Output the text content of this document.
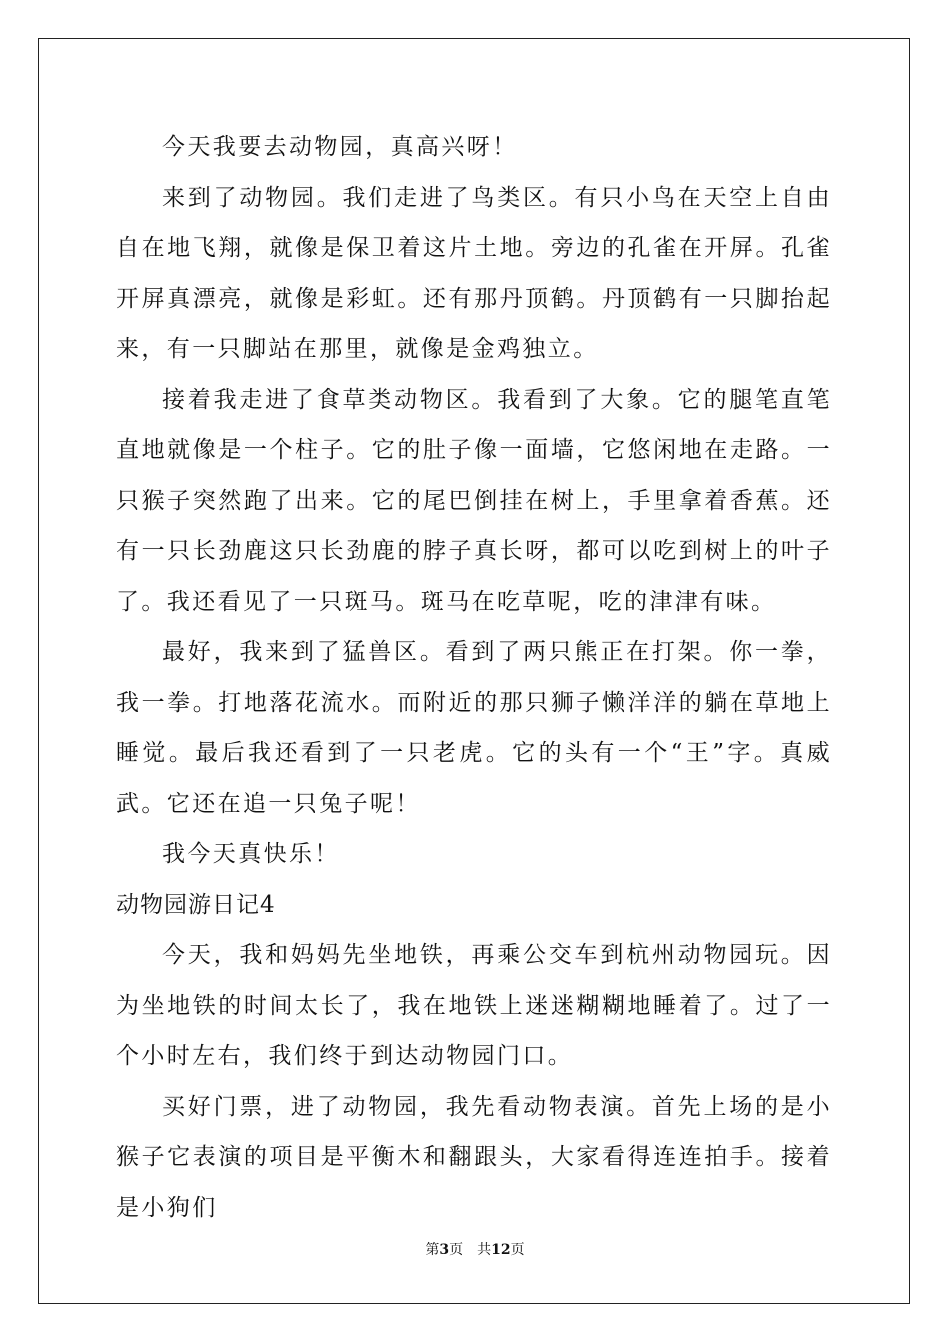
今天我要去动物园，真高兴呀！

来到了动物园。我们走进了鸟类区。有只小鸟在天空上自由自在地飞翔，就像是保卫着这片土地。旁边的孔雀在开屏。孔雀开屏真漂亮，就像是彩虹。还有那丹顶鹤。丹顶鹤有一只脚抬起来，有一只脚站在那里，就像是金鸡独立。

接着我走进了食草类动物区。我看到了大象。它的腿笔直笔直地就像是一个柱子。它的肚子像一面墙，它悠闲地在走路。一只猴子突然跑了出来。它的尾巴倒挂在树上，手里拿着香蕉。还有一只长劲鹿这只长劲鹿的脖子真长呀，都可以吃到树上的叶子了。我还看见了一只斑马。斑马在吃草呢，吃的津津有味。

最好，我来到了猛兽区。看到了两只熊正在打架。你一拳，我一拳。打地落花流水。而附近的那只狮子懒洋洋的躺在草地上睡觉。最后我还看到了一只老虎。它的头有一个“王”字。真威武。它还在追一只兔子呢！

我今天真快乐！

动物园游日记4

今天，我和妈妈先坐地铁，再乘公交车到杭州动物园玩。因为坐地铁的时间太长了，我在地铁上迷迷糊糊地睡着了。过了一个小时左右，我们终于到达动物园门口。

买好门票，进了动物园，我先看动物表演。首先上场的是小猴子它表演的项目是平衡木和翻跟头，大家看得连连拍手。接着是小狗们

第3页 共12页
